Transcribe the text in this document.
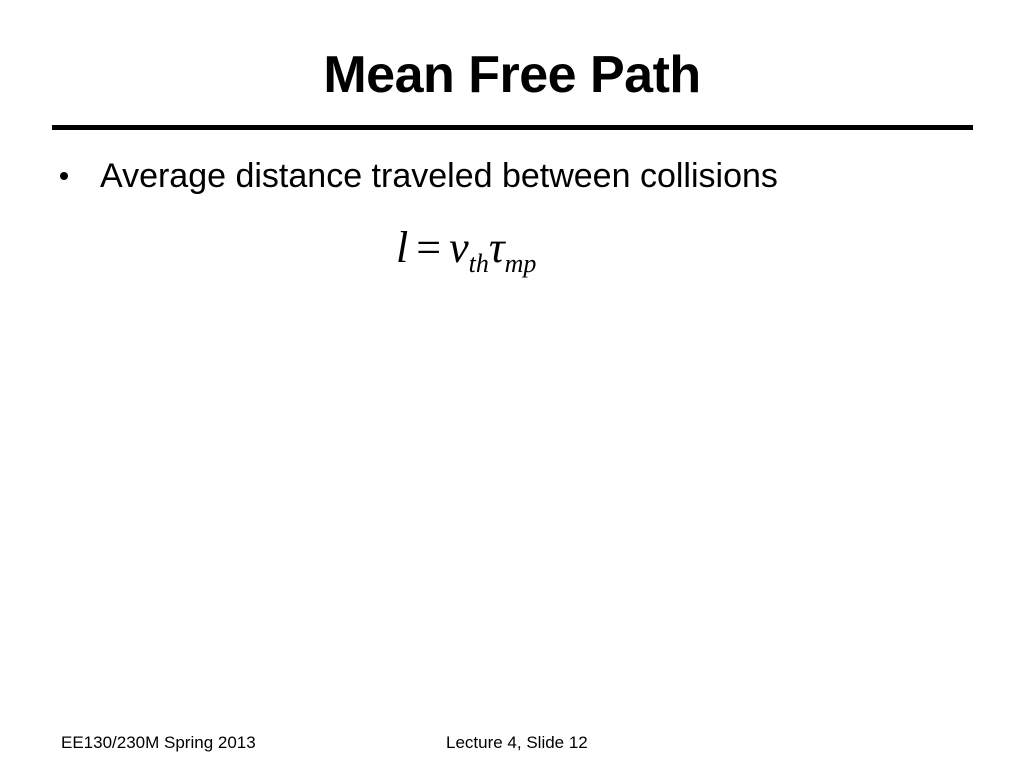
Mean Free Path
Average distance traveled between collisions
$l = v_{th}\tau_{mp}$
EE130/230M Spring 2013	Lecture 4, Slide 12
